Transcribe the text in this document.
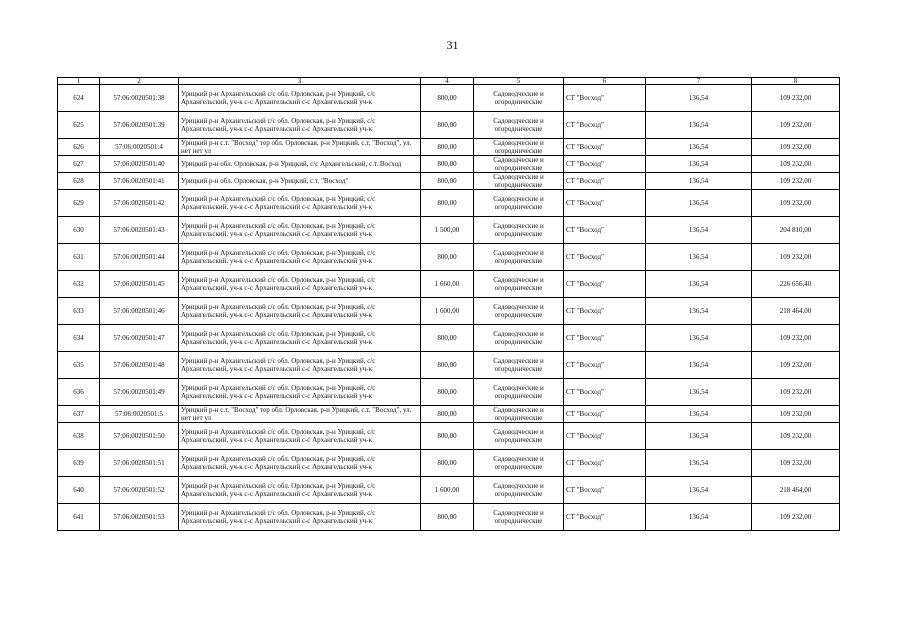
31
1	2	3	4	5	6	7	8
624	57:06:0020501:38	Урицкий р-н Архангельский с/с обл. Орловская, р-н Урицкий, с/с Архангельский, уч-к с-с Архангельский с-с Архангельский уч-к	800,00	Садоводческие и огороднические	СТ "Восход"	136,54	109 232,00
625	57:06:0020501:39	Урицкий р-н Архангельский с/с обл. Орловская, р-н Урицкий, с/с Архангельский, уч-к с-с Архангельский с-с Архангельский уч-к	800,00	Садоводческие и огороднические	СТ "Восход"	136,54	109 232,00
626	57:06:0020501:4	Урицкий р-н с.т. "Восход" тер обл. Орловская, р-н Урицкий, с.т. "Восход", ул. нет нет ул	800,00	Садоводческие и огороднические	СТ "Восход"	136,54	109 232,00
627	57:06:0020501:40	Урицкий р-н обл. Орловская, р-н Урицкий, с/с Архангельский, с.т. Восход	800,00	Садоводческие и огороднические	СТ "Восход"	136,54	109 232,00
628	57:06:0020501:41	Урицкий р-н обл. Орловская, р-н Урицкий, с.т. "Восход"	800,00	Садоводческие и огороднические	СТ "Восход"	136,54	109 232,00
629	57:06:0020501:42	Урицкий р-н Архангельский с/с обл. Орловская, р-н Урицкий, с/с Архангельский, уч-к с-с Архангельский с-с Архангельский уч-к	800,00	Садоводческие и огороднические	СТ "Восход"	136,54	109 232,00
630	57:06:0020501:43	Урицкий р-н Архангельский с/с обл. Орловская, р-н Урицкий, с/с Архангельский, уч-к с-с Архангельский с-с Архангельский уч-к	1 500,00	Садоводческие и огороднические	СТ "Восход"	136,54	204 810,00
631	57:06:0020501:44	Урицкий р-н Архангельский с/с обл. Орловская, р-н Урицкий, с/с Архангельский, уч-к с-с Архангельский с-с Архангельский уч-к	800,00	Садоводческие и огороднические	СТ "Восход"	136,54	109 232,00
632	57:06:0020501:45	Урицкий р-н Архангельский с/с обл. Орловская, р-н Урицкий, с/с Архангельский, уч-к с-с Архангельский с-с Архангельский уч-к	1 660,00	Садоводческие и огороднические	СТ "Восход"	136,54	226 656,40
633	57:06:0020501:46	Урицкий р-н Архангельский с/с обл. Орловская, р-н Урицкий, с/с Архангельский, уч-к с-с Архангельский с-с Архангельский уч-к	1 600,00	Садоводческие и огороднические	СТ "Восход"	136,54	218 464,00
634	57:06:0020501:47	Урицкий р-н Архангельский с/с обл. Орловская, р-н Урицкий, с/с Архангельский, уч-к с-с Архангельский с-с Архангельский уч-к	800,00	Садоводческие и огороднические	СТ "Восход"	136,54	109 232,00
635	57:06:0020501:48	Урицкий р-н Архангельский с/с обл. Орловская, р-н Урицкий, с/с Архангельский, уч-к с-с Архангельский с-с Архангельский уч-к	800,00	Садоводческие и огороднические	СТ "Восход"	136,54	109 232,00
636	57:06:0020501:49	Урицкий р-н Архангельский с/с обл. Орловская, р-н Урицкий, с/с Архангельский, уч-к с-с Архангельский с-с Архангельский уч-к	800,00	Садоводческие и огороднические	СТ "Восход"	136,54	109 232,00
637	57:06:0020501:5	Урицкий р-н с.т. "Восход" тер обл. Орловская, р-н Урицкий, с.т. "Восход", ул. нет нет ул	800,00	Садоводческие и огороднические	СТ "Восход"	136,54	109 232,00
638	57:06:0020501:50	Урицкий р-н Архангельский с/с обл. Орловская, р-н Урицкий, с/с Архангельский, уч-к с-с Архангельский с-с Архангельский уч-к	800,00	Садоводческие и огороднические	СТ "Восход"	136,54	109 232,00
639	57:06:0020501:51	Урицкий р-н Архангельский с/с обл. Орловская, р-н Урицкий, с/с Архангельский, уч-к с-с Архангельский с-с Архангельский уч-к	800,00	Садоводческие и огороднические	СТ "Восход"	136,54	109 232,00
640	57:06:0020501:52	Урицкий р-н Архангельский с/с обл. Орловская, р-н Урицкий, с/с Архангельский, уч-к с-с Архангельский с-с Архангельский уч-к	1 600,00	Садоводческие и огороднические	СТ "Восход"	136,54	218 464,00
641	57:06:0020501:53	Урицкий р-н Архангельский с/с обл. Орловская, р-н Урицкий, с/с Архангельский, уч-к с-с Архангельский с-с Архангельский уч-к	800,00	Садоводческие и огороднические	СТ "Восход"	136,54	109 232,00
